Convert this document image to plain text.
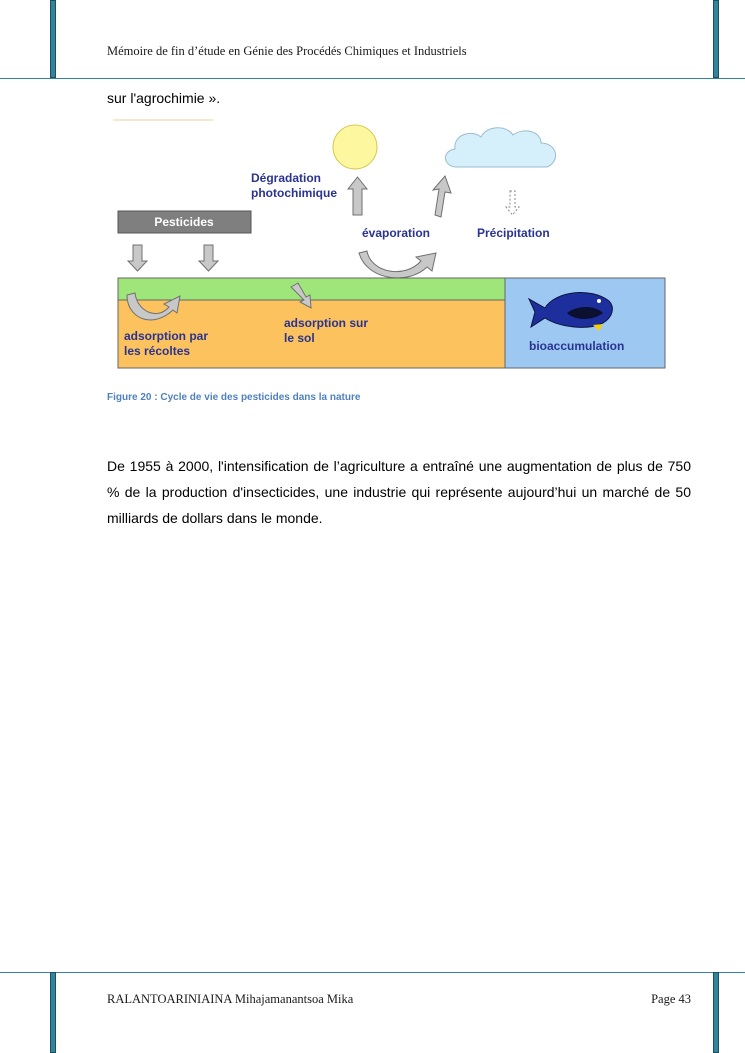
Mémoire de fin d’étude en Génie des Procédés Chimiques et Industriels
sur l'agrochimie ».
Pesticides
Dégradation
photochimique
évaporation	Précipitation
adsorption par
les récoltes
adsorption sur
le sol
bioaccumulation
Figure 20 : Cycle de vie des pesticides dans la nature
De 1955 à 2000, l'intensification de l’agriculture a entraîné une augmentation de plus de 750 % de la production d'insecticides, une industrie qui représente aujourd’hui un marché de 50 milliards de dollars dans le monde.
RALANTOARINIAINA Mihajamanantsoa Mika	Page 43
